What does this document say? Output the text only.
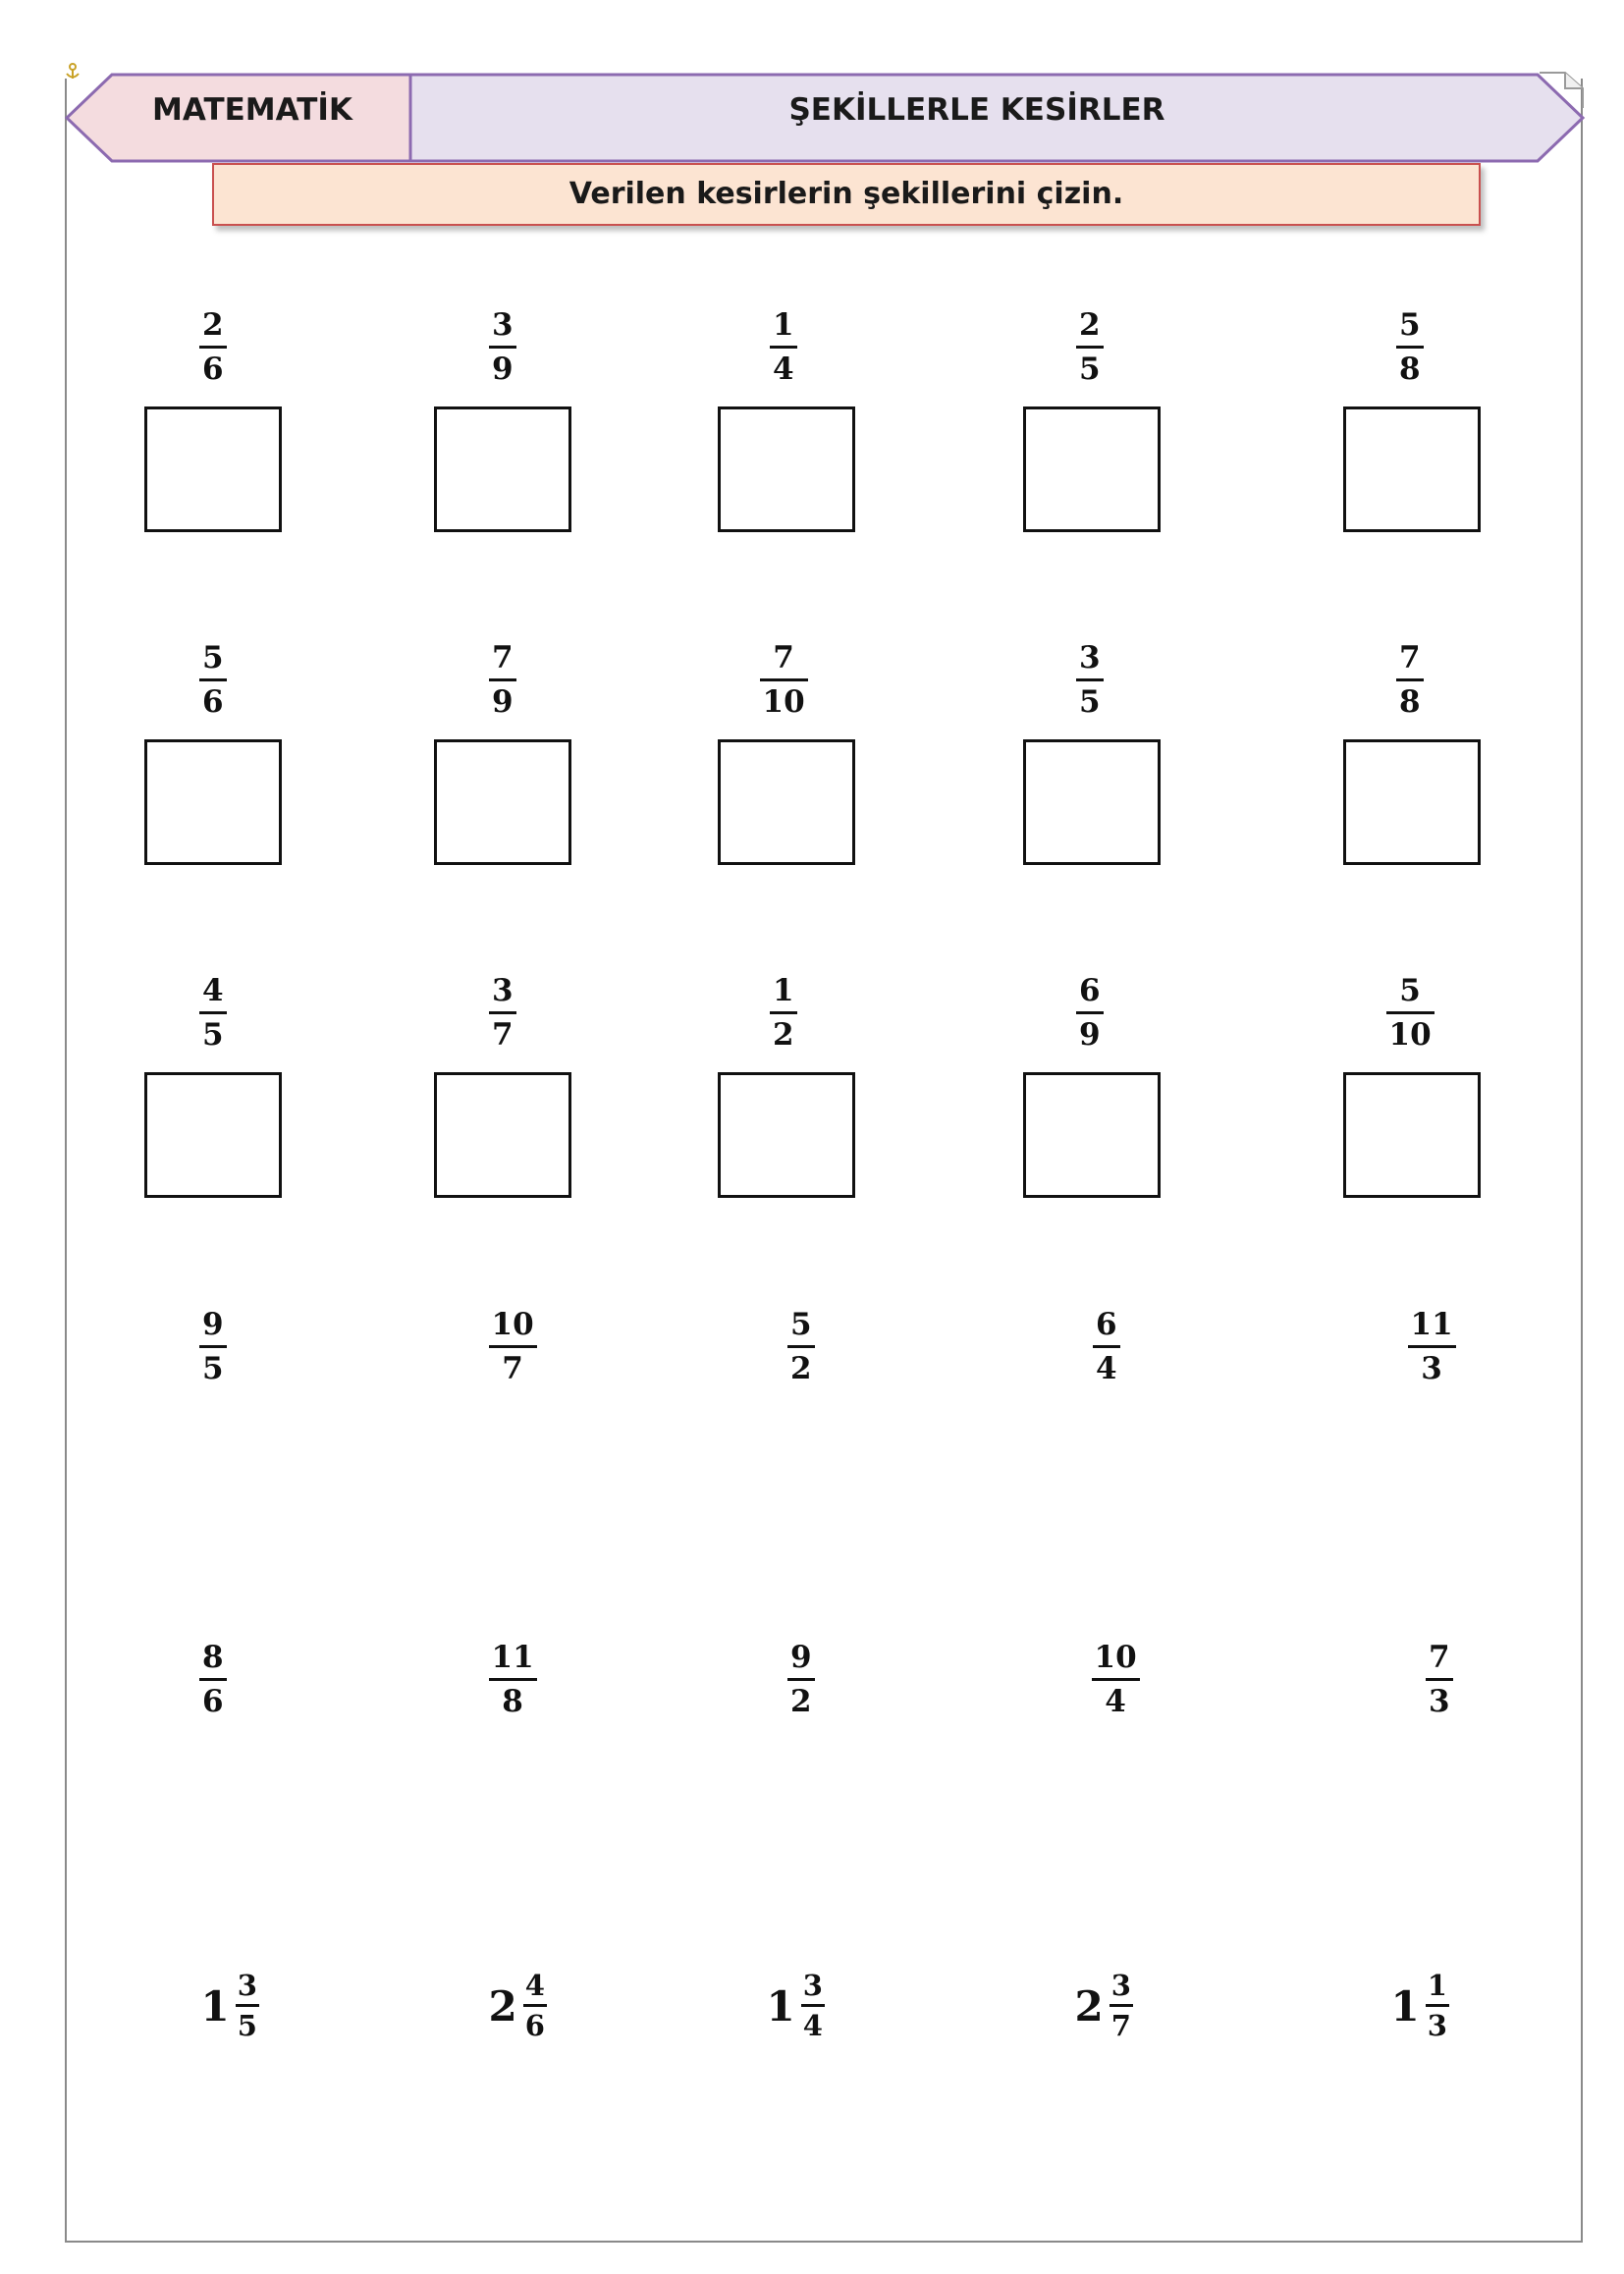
MATEMATİK	ŞEKİLLERLE KESİRLER
Verilen kesirlerin şekillerini çizin.
2
6
3
9
1
4
2
5
5
8
5
6
7
9
7
10
3
5
7
8
4
5
3
7
1
2
6
9
5
10
9
5
10
7
5
2
6
4
11
3
8
6
11
8
9
2
10
4
7
3
$1 \frac{3}{5}$	$2 \frac{4}{6}$	$1 \frac{3}{4}$	$2 \frac{3}{7}$	$1 \frac{1}{3}$
